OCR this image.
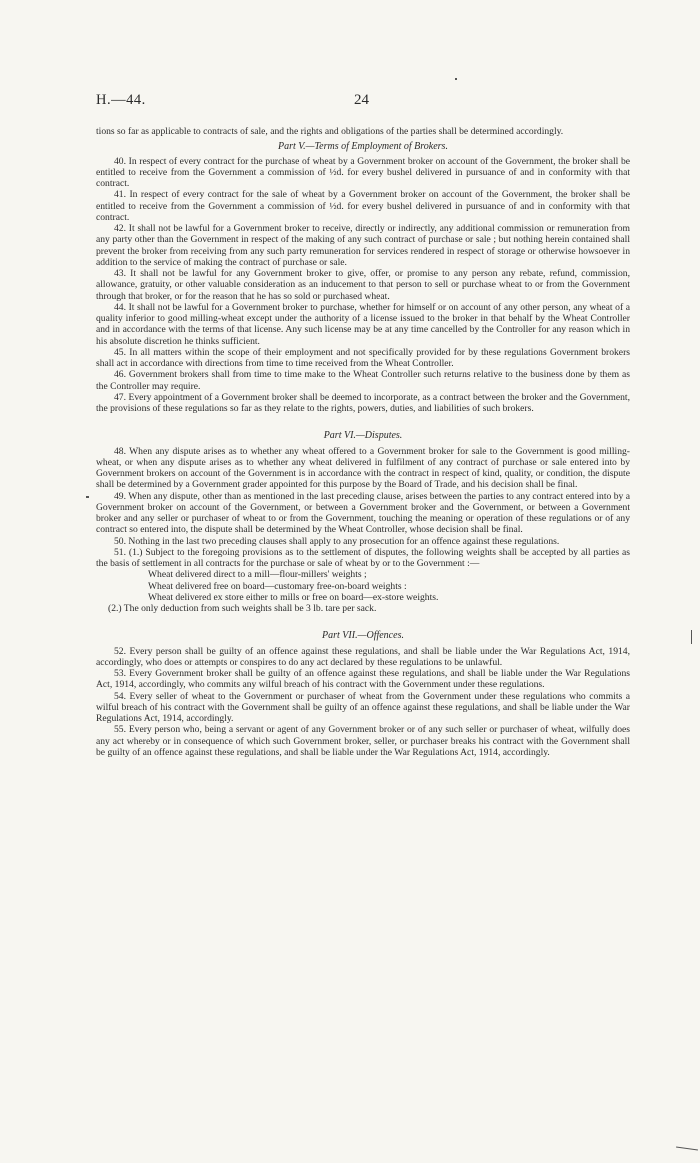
H.—44.	24

tions so far as applicable to contracts of sale, and the rights and obligations of the parties shall be determined accordingly.

Part V.—Terms of Employment of Brokers.

40. In respect of every contract for the purchase of wheat by a Government broker on account of the Government, the broker shall be entitled to receive from the Government a commission of ½d. for every bushel delivered in pursuance of and in conformity with that contract.

41. In respect of every contract for the sale of wheat by a Government broker on account of the Government, the broker shall be entitled to receive from the Government a commission of ½d. for every bushel delivered in pursuance of and in conformity with that contract.

42. It shall not be lawful for a Government broker to receive, directly or indirectly, any additional commission or remuneration from any party other than the Government in respect of the making of any such contract of purchase or sale ; but nothing herein contained shall prevent the broker from receiving from any such party remuneration for services rendered in respect of storage or otherwise howsoever in addition to the service of making the contract of purchase or sale.

43. It shall not be lawful for any Government broker to give, offer, or promise to any person any rebate, refund, commission, allowance, gratuity, or other valuable consideration as an inducement to that person to sell or purchase wheat to or from the Government through that broker, or for the reason that he has so sold or purchased wheat.

44. It shall not be lawful for a Government broker to purchase, whether for himself or on account of any other person, any wheat of a quality inferior to good milling-wheat except under the authority of a license issued to the broker in that behalf by the Wheat Controller and in accordance with the terms of that license. Any such license may be at any time cancelled by the Controller for any reason which in his absolute discretion he thinks sufficient.

45. In all matters within the scope of their employment and not specifically provided for by these regulations Government brokers shall act in accordance with directions from time to time received from the Wheat Controller.

46. Government brokers shall from time to time make to the Wheat Controller such returns relative to the business done by them as the Controller may require.

47. Every appointment of a Government broker shall be deemed to incorporate, as a contract between the broker and the Government, the provisions of these regulations so far as they relate to the rights, powers, duties, and liabilities of such brokers.

Part VI.—Disputes.

48. When any dispute arises as to whether any wheat offered to a Government broker for sale to the Government is good milling-wheat, or when any dispute arises as to whether any wheat delivered in fulfilment of any contract of purchase or sale entered into by Government brokers on account of the Government is in accordance with the contract in respect of kind, quality, or condition, the dispute shall be determined by a Government grader appointed for this purpose by the Board of Trade, and his decision shall be final.

49. When any dispute, other than as mentioned in the last preceding clause, arises between the parties to any contract entered into by a Government broker on account of the Government, or between a Government broker and the Government, or between a Government broker and any seller or purchaser of wheat to or from the Government, touching the meaning or operation of these regulations or of any contract so entered into, the dispute shall be determined by the Wheat Controller, whose decision shall be final.

50. Nothing in the last two preceding clauses shall apply to any prosecution for an offence against these regulations.

51. (1.) Subject to the foregoing provisions as to the settlement of disputes, the following weights shall be accepted by all parties as the basis of settlement in all contracts for the purchase or sale of wheat by or to the Government :—

Wheat delivered direct to a mill—flour-millers' weights ;

Wheat delivered free on board—customary free-on-board weights :

Wheat delivered ex store either to mills or free on board—ex-store weights.

(2.) The only deduction from such weights shall be 3 lb. tare per sack.

Part VII.—Offences.

52. Every person shall be guilty of an offence against these regulations, and shall be liable under the War Regulations Act, 1914, accordingly, who does or attempts or conspires to do any act declared by these regulations to be unlawful.

53. Every Government broker shall be guilty of an offence against these regulations, and shall be liable under the War Regulations Act, 1914, accordingly, who commits any wilful breach of his contract with the Government under these regulations.

54. Every seller of wheat to the Government or purchaser of wheat from the Government under these regulations who commits a wilful breach of his contract with the Government shall be guilty of an offence against these regulations, and shall be liable under the War Regulations Act, 1914, accordingly.

55. Every person who, being a servant or agent of any Government broker or of any such seller or purchaser of wheat, wilfully does any act whereby or in consequence of which such Government broker, seller, or purchaser breaks his contract with the Government shall be guilty of an offence against these regulations, and shall be liable under the War Regulations Act, 1914, accordingly.
